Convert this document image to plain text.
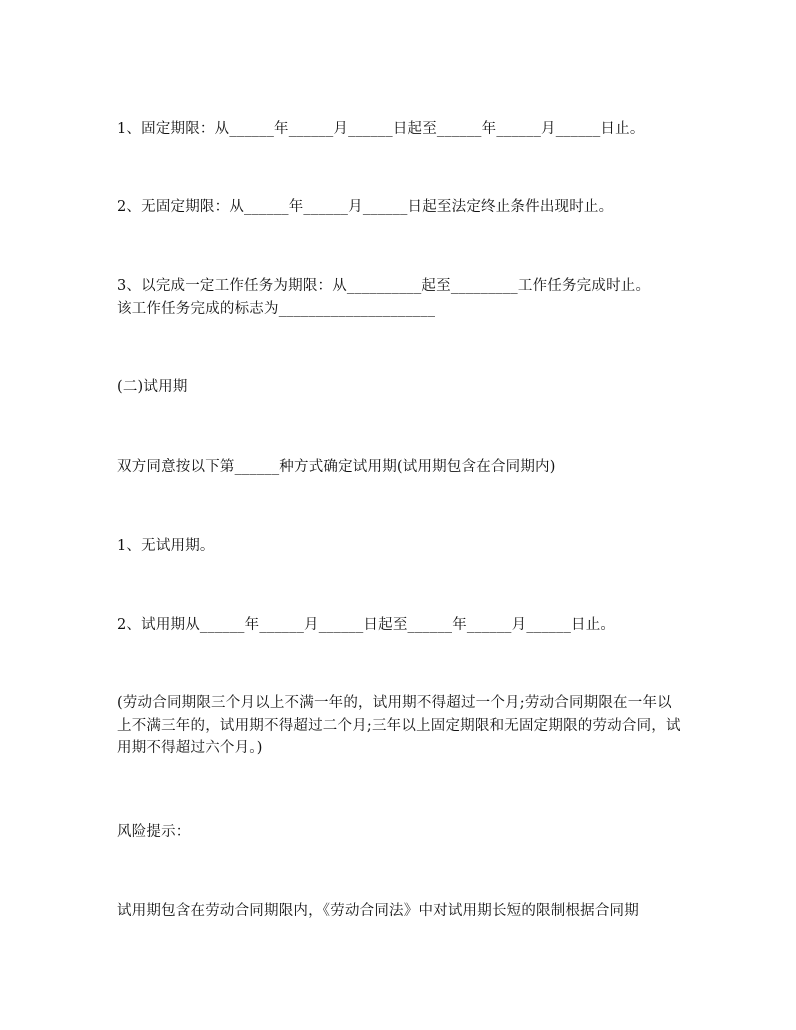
1、固定期限：从______年______月______日起至______年______月______日止。

2、无固定期限：从______年______月______日起至法定终止条件出现时止。

3、以完成一定工作任务为期限：从__________起至_________工作任务完成时止。该工作任务完成的标志为_____________________

(二)试用期

双方同意按以下第______种方式确定试用期(试用期包含在合同期内)

1、无试用期。

2、试用期从______年______月______日起至______年______月______日止。

(劳动合同期限三个月以上不满一年的，试用期不得超过一个月;劳动合同期限在一年以上不满三年的，试用期不得超过二个月;三年以上固定期限和无固定期限的劳动合同，试用期不得超过六个月。)

风险提示：

试用期包含在劳动合同期限内，《劳动合同法》中对试用期长短的限制根据合同期
